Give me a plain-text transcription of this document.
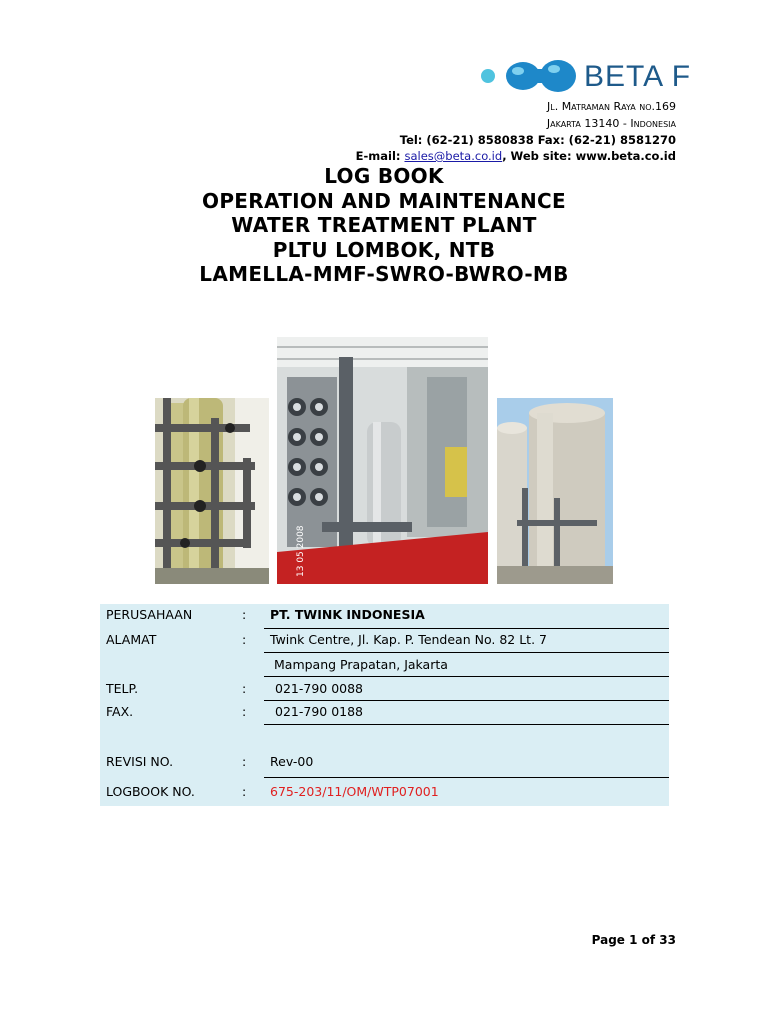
BETA F
Jl. Matraman Raya no.169
Jakarta 13140 - Indonesia
Tel: (62-21) 8580838 Fax: (62-21) 8581270
E-mail: sales@beta.co.id, Web site: www.beta.co.id
LOG BOOK
OPERATION AND MAINTENANCE
WATER TREATMENT PLANT
PLTU LOMBOK, NTB
LAMELLA-MMF-SWRO-BWRO-MB
13 05 2008
PERUSAHAAN	: PT. TWINK INDONESIA
ALAMAT	: Twink Centre, Jl. Kap. P. Tendean No. 82 Lt. 7
Mampang Prapatan, Jakarta
TELP.	: 021-790 0088
FAX.	: 021-790 0188
REVISI NO.	: Rev-00
LOGBOOK NO.	: 675-203/11/OM/WTP07001
Page 1 of 33
